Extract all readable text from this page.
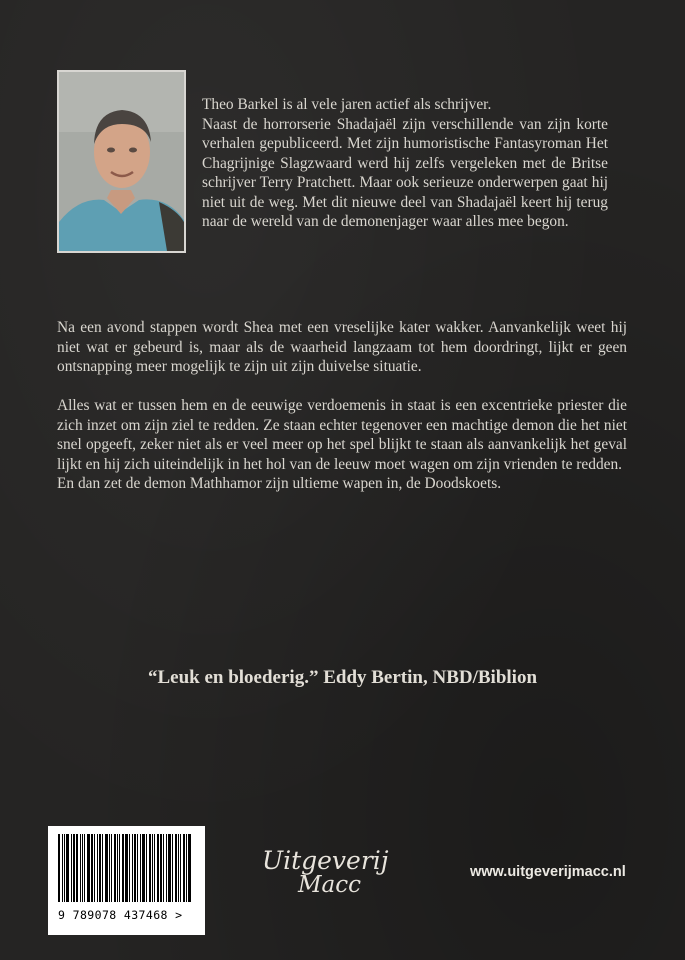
Theo Barkel is al vele jaren actief als schrijver.

Naast de horrorserie Shadajaël zijn verschillende van zijn korte verhalen gepubliceerd. Met zijn humoristische Fantasyroman Het Chagrijnige Slagzwaard werd hij zelfs vergeleken met de Britse schrijver Terry Pratchett. Maar ook serieuze onderwerpen gaat hij niet uit de weg. Met dit nieuwe deel van Shadajaël keert hij terug naar de wereld van de demonenjager waar alles mee begon.

Na een avond stappen wordt Shea met een vreselijke kater wakker. Aanvankelijk weet hij niet wat er gebeurd is, maar als de waarheid langzaam tot hem doordringt, lijkt er geen ontsnapping meer mogelijk te zijn uit zijn duivelse situatie.

Alles wat er tussen hem en de eeuwige verdoemenis in staat is een excentrieke priester die zich inzet om zijn ziel te redden. Ze staan echter tegenover een machtige demon die het niet snel opgeeft, zeker niet als er veel meer op het spel blijkt te staan als aanvankelijk het geval lijkt en hij zich uiteindelijk in het hol van de leeuw moet wagen om zijn vrienden te redden.

En dan zet de demon Mathhamor zijn ultieme wapen in, de Doodskoets.

“Leuk en bloederig.” Eddy Bertin, NBD/Biblion
9 789078 437468 >
Uitgeverij
Macc	www.uitgeverijmacc.nl
